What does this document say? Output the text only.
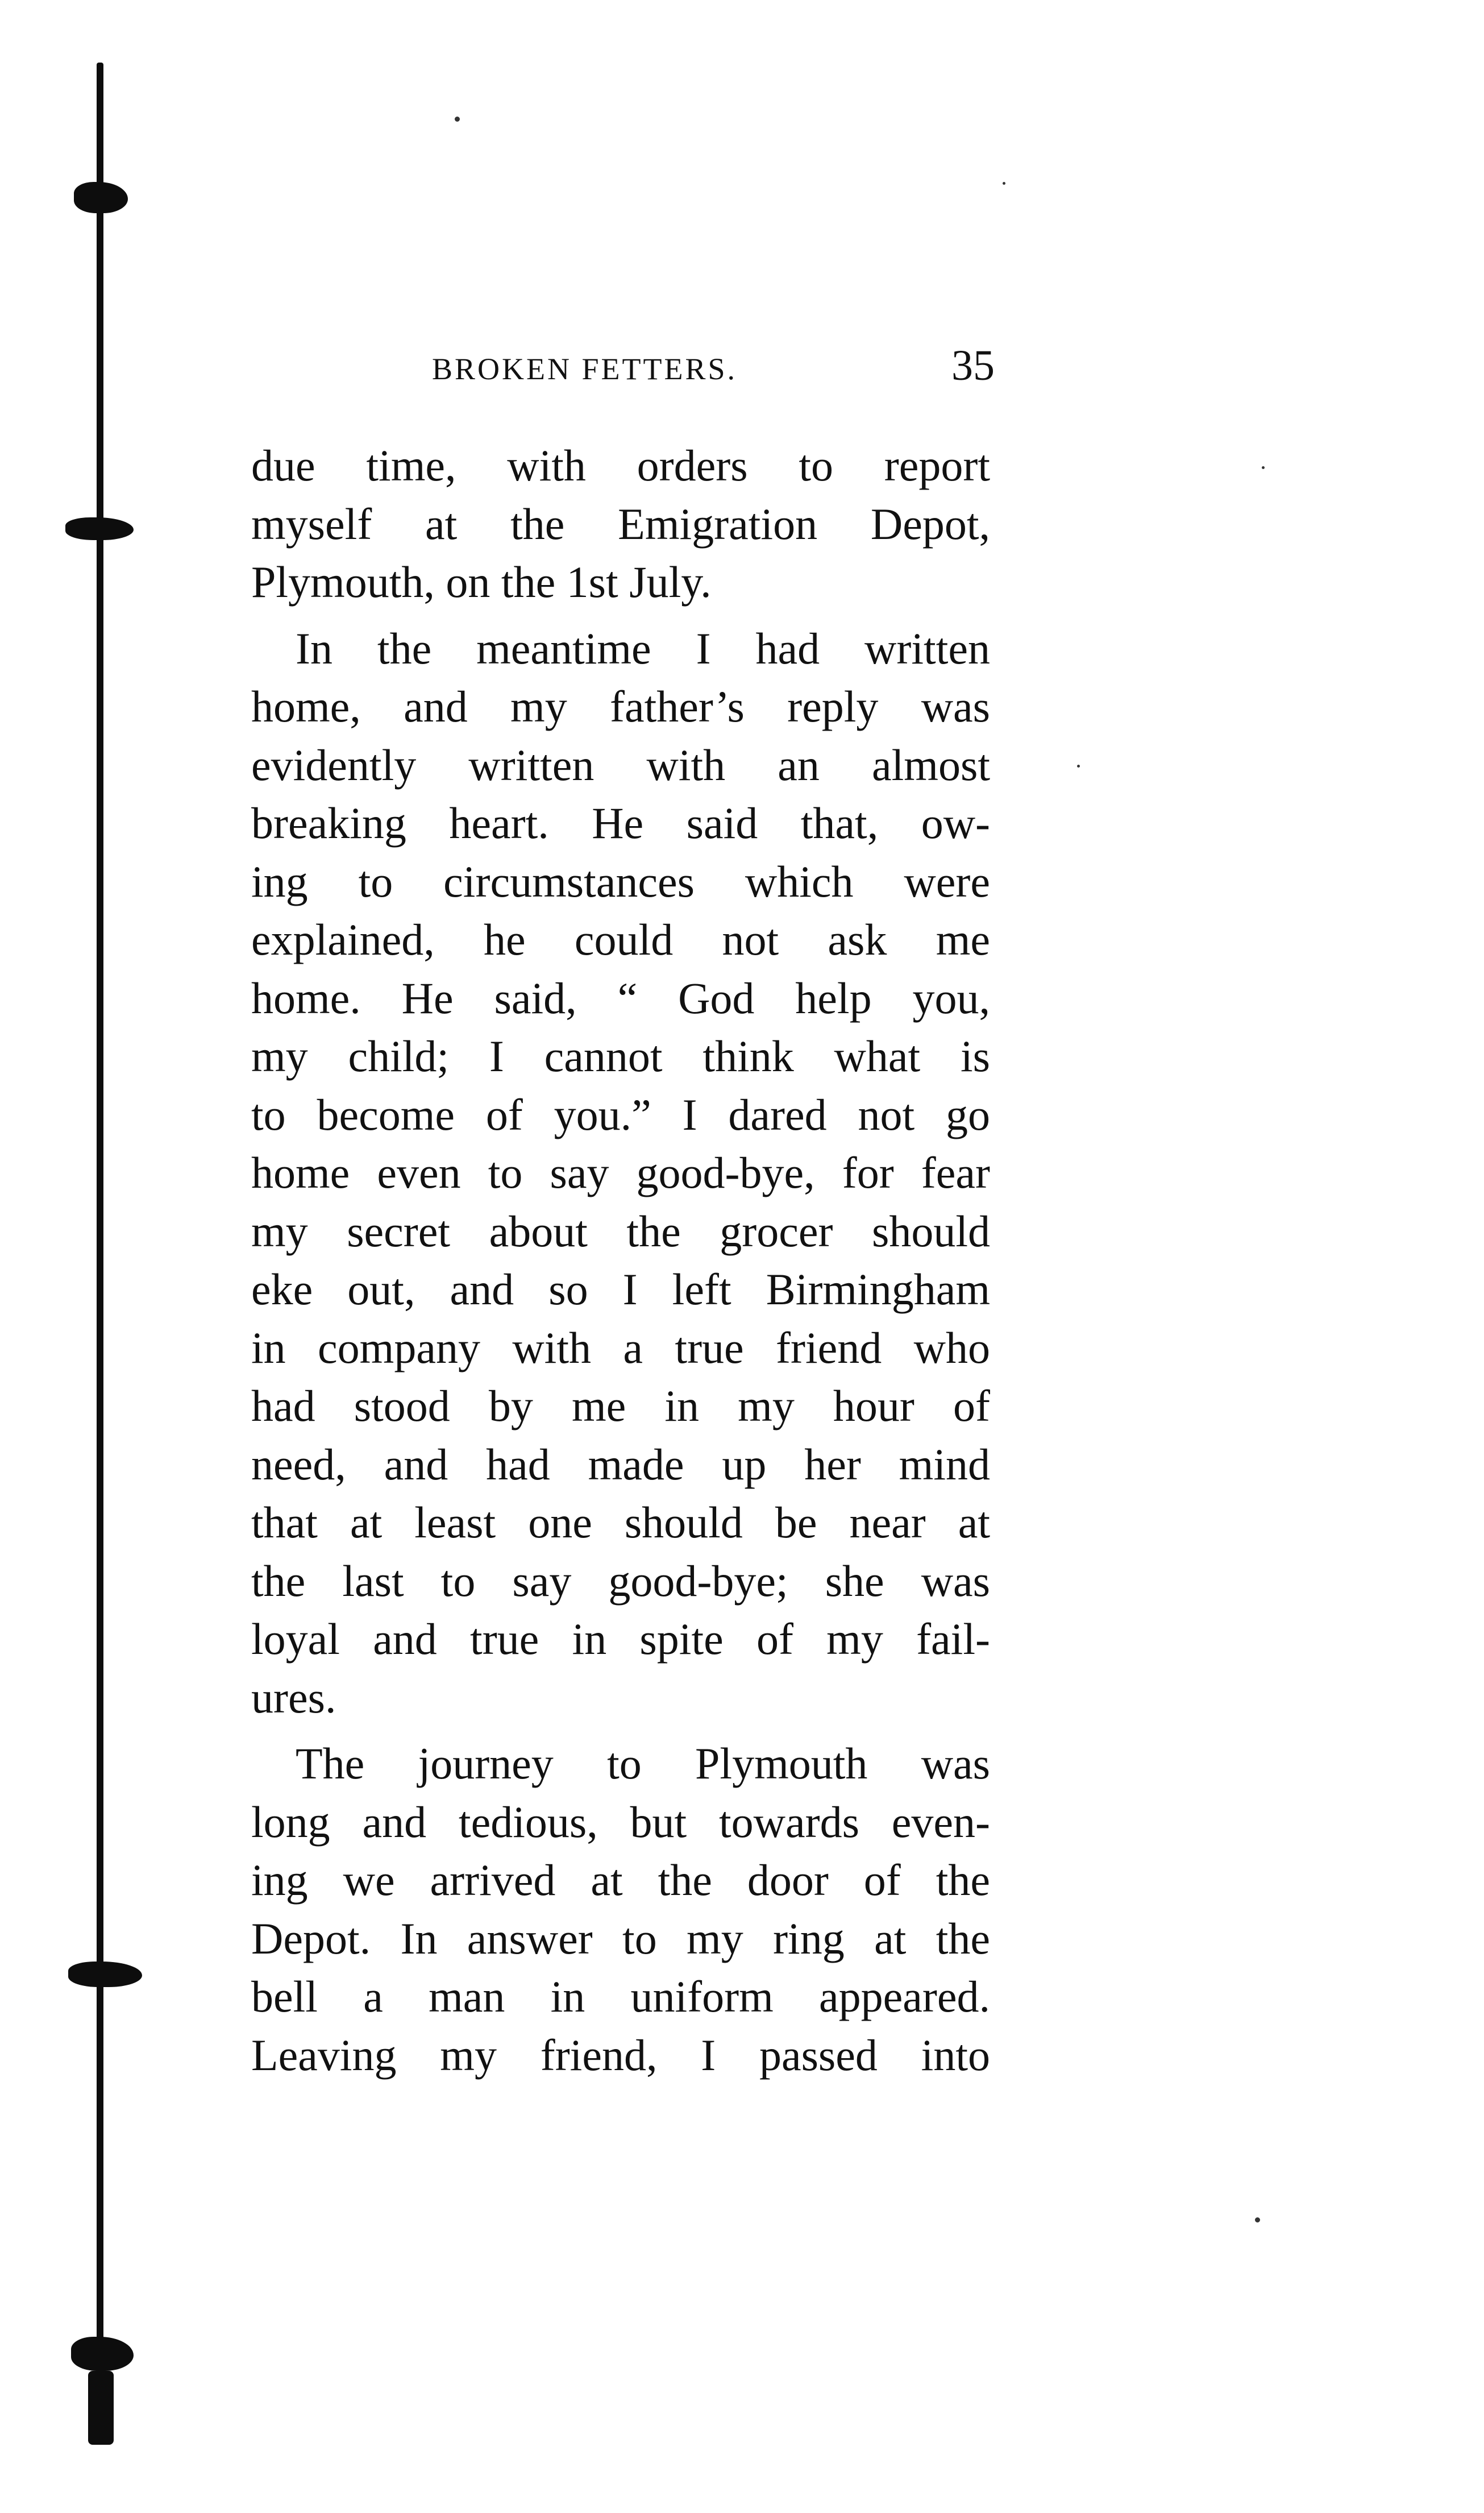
BROKEN FETTERS.	35

due time, with orders to report
myself at the Emigration Depot,
Plymouth, on the 1st July.

In the meantime I had written
home, and my father’s reply was
evidently written with an almost
breaking heart. He said that, ow-
ing to circumstances which were
explained, he could not ask me
home. He said, “ God help you,
my child; I cannot think what is
to become of you.” I dared not go
home even to say good-bye, for fear
my secret about the grocer should
eke out, and so I left Birmingham
in company with a true friend who
had stood by me in my hour of
need, and had made up her mind
that at least one should be near at
the last to say good-bye; she was
loyal and true in spite of my fail-
ures.

The journey to Plymouth was
long and tedious, but towards even-
ing we arrived at the door of the
Depot. In answer to my ring at the
bell a man in uniform appeared.
Leaving my friend, I passed into
